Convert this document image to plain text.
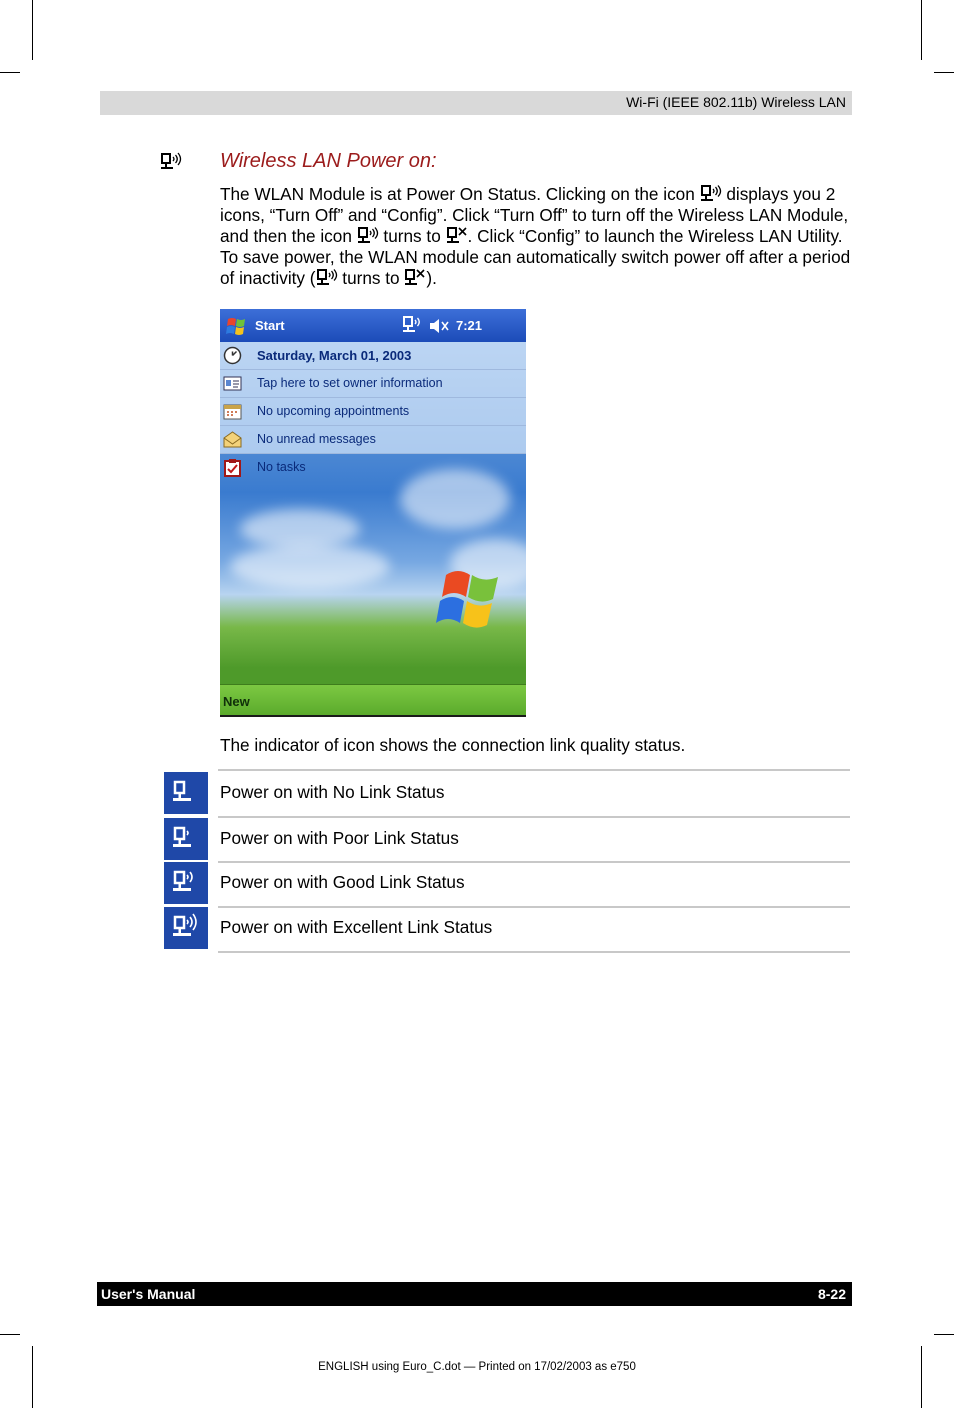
Wi-Fi (IEEE 802.11b) Wireless LAN
Wireless LAN Power on:
The WLAN Module is at Power On Status. Clicking on the icon  displays you 2 icons, “Turn Off” and “Config”. Click “Turn Off” to turn off the Wireless LAN Module, and then the icon  turns to . Click “Config” to launch the Wireless LAN Utility. To save power, the WLAN module can automatically switch power off after a period of inactivity ( turns to ).
Start	7:21
Saturday, March 01, 2003
Tap here to set owner information
No upcoming appointments
No unread messages
No tasks
New
The indicator of icon shows the connection link quality status.
Power on with No Link Status
Power on with Poor Link Status
Power on with Good Link Status
Power on with Excellent Link Status
User's Manual	8-22
ENGLISH using Euro_C.dot — Printed on 17/02/2003 as e750
